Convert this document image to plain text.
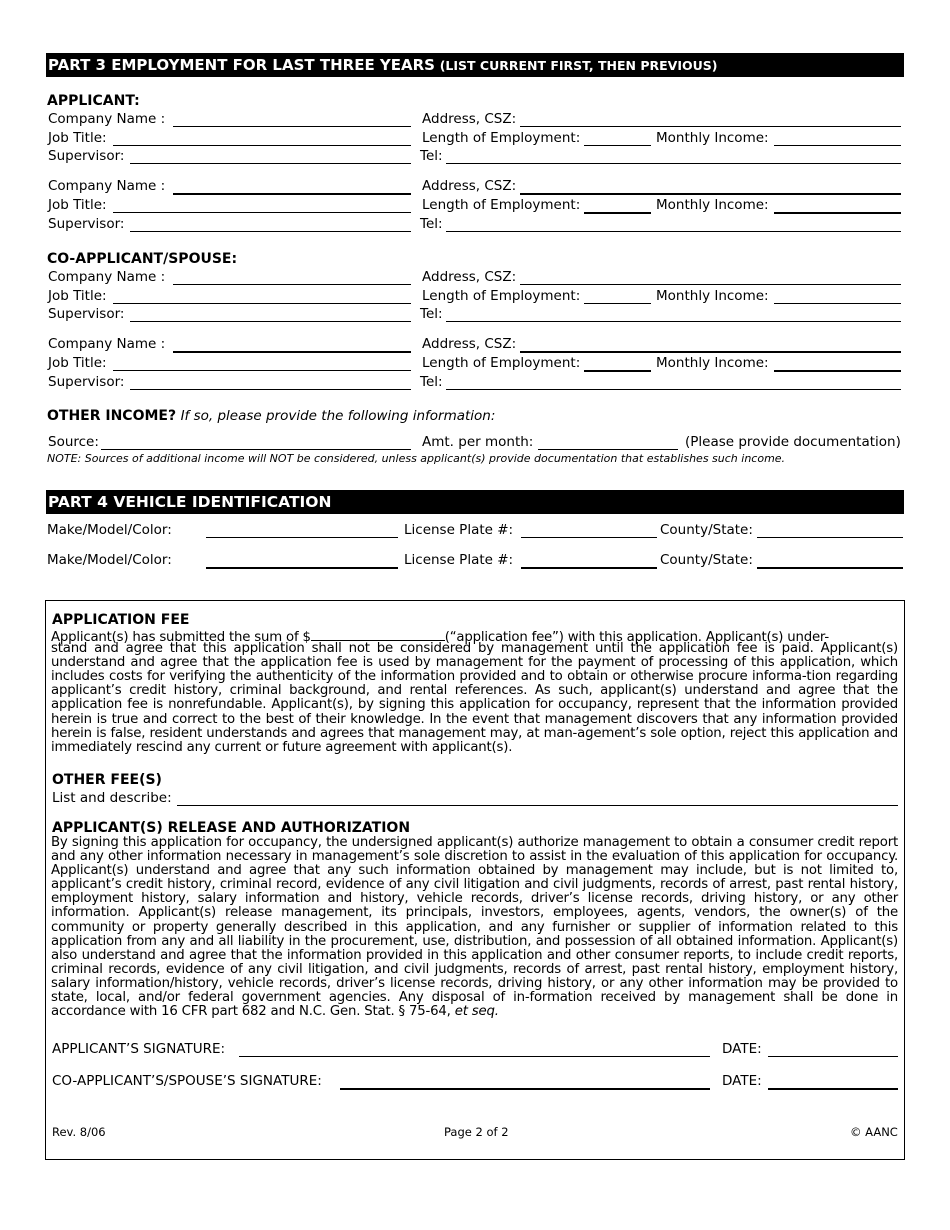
PART 3 EMPLOYMENT FOR LAST THREE YEARS (LIST CURRENT FIRST, THEN PREVIOUS)
APPLICANT:
CO-APPLICANT/SPOUSE:
Company Name :	Address, CSZ:
Job Title:	Length of Employment:	Monthly Income:
Supervisor:	Tel:
Company Name :	Address, CSZ:
Job Title:	Length of Employment:	Monthly Income:
Supervisor:	Tel:
Company Name :	Address, CSZ:
Job Title:	Length of Employment:	Monthly Income:
Supervisor:	Tel:
Company Name :	Address, CSZ:
Job Title:	Length of Employment:	Monthly Income:
Supervisor:	Tel:
OTHER INCOME? If so, please provide the following information:
Source:	Amt. per month:	(Please provide documentation)
NOTE: Sources of additional income will NOT be considered, unless applicant(s) provide documentation that establishes such income.
PART 4 VEHICLE IDENTIFICATION
Make/Model/Color:	License Plate #:	County/State:
Make/Model/Color:	License Plate #:	County/State:
APPLICATION FEE
Applicant(s) has submitted the sum of $	(“application fee”) with this application. Applicant(s) under-
stand and agree that this application shall not be considered by management until the application fee is paid. Applicant(s) understand and agree that the application fee is used by management for the payment of processing of this application, which includes costs for verifying the authenticity of the information provided and to obtain or otherwise procure informa-tion regarding applicant’s credit history, criminal background, and rental references. As such, applicant(s) understand and agree that the application fee is nonrefundable. Applicant(s), by signing this application for occupancy, represent that the information provided herein is true and correct to the best of their knowledge. In the event that management discovers that any information provided herein is false, resident understands and agrees that management may, at man-agement’s sole option, reject this application and immediately rescind any current or future agreement with applicant(s).
OTHER FEE(S)
List and describe:
APPLICANT(S) RELEASE AND AUTHORIZATION
By signing this application for occupancy, the undersigned applicant(s) authorize management to obtain a consumer credit report and any other information necessary in management’s sole discretion to assist in the evaluation of this application for occupancy. Applicant(s) understand and agree that any such information obtained by management may include, but is not limited to, applicant’s credit history, criminal record, evidence of any civil litigation and civil judgments, records of arrest, past rental history, employment history, salary information and history, vehicle records, driver’s license records, driving history, or any other information. Applicant(s) release management, its principals, investors, employees, agents, vendors, the owner(s) of the community or property generally described in this application, and any furnisher or supplier of information related to this application from any and all liability in the procurement, use, distribution, and possession of all obtained information. Applicant(s) also understand and agree that the information provided in this application and other consumer reports, to include credit reports, criminal records, evidence of any civil litigation, and civil judgments, records of arrest, past rental history, employment history, salary information/history, vehicle records, driver’s license records, driving history, or any other information may be provided to state, local, and/or federal government agencies. Any disposal of in-formation received by management shall be done in accordance with 16 CFR part 682 and N.C. Gen. Stat. § 75-64, et seq.
APPLICANT’S SIGNATURE:	DATE:
CO-APPLICANT’S/SPOUSE’S SIGNATURE:	DATE:
Rev. 8/06	Page 2 of 2	© AANC
